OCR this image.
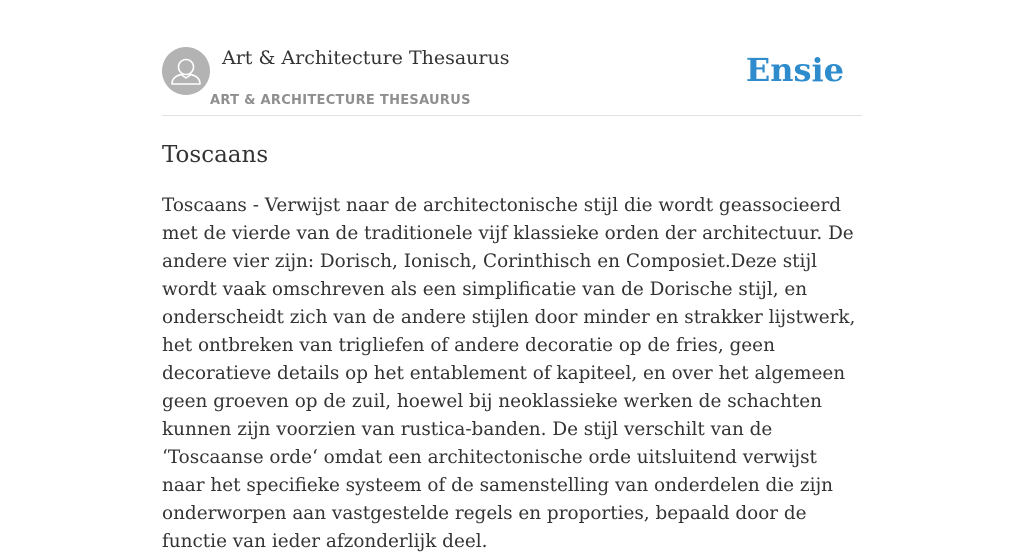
Art & Architecture Thesaurus
ART & ARCHITECTURE THESAURUS
Ensie
Toscaans

Toscaans - Verwijst naar de architectonische stijl die wordt geassocieerd met de vierde van de traditionele vijf klassieke orden der architectuur. De andere vier zijn: Dorisch, Ionisch, Corinthisch en Composiet.Deze stijl wordt vaak omschreven als een simplificatie van de Dorische stijl, en onderscheidt zich van de andere stijlen door minder en strakker lijstwerk, het ontbreken van trigliefen of andere decoratie op de fries, geen decoratieve details op het entablement of kapiteel, en over het algemeen geen groeven op de zuil, hoewel bij neoklassieke werken de schachten kunnen zijn voorzien van rustica-banden. De stijl verschilt van de ‘Toscaanse orde‘ omdat een architectonische orde uitsluitend verwijst naar het specifieke systeem of de samenstelling van onderdelen die zijn onderworpen aan vastgestelde regels en proporties, bepaald door de functie van ieder afzonderlijk deel.
